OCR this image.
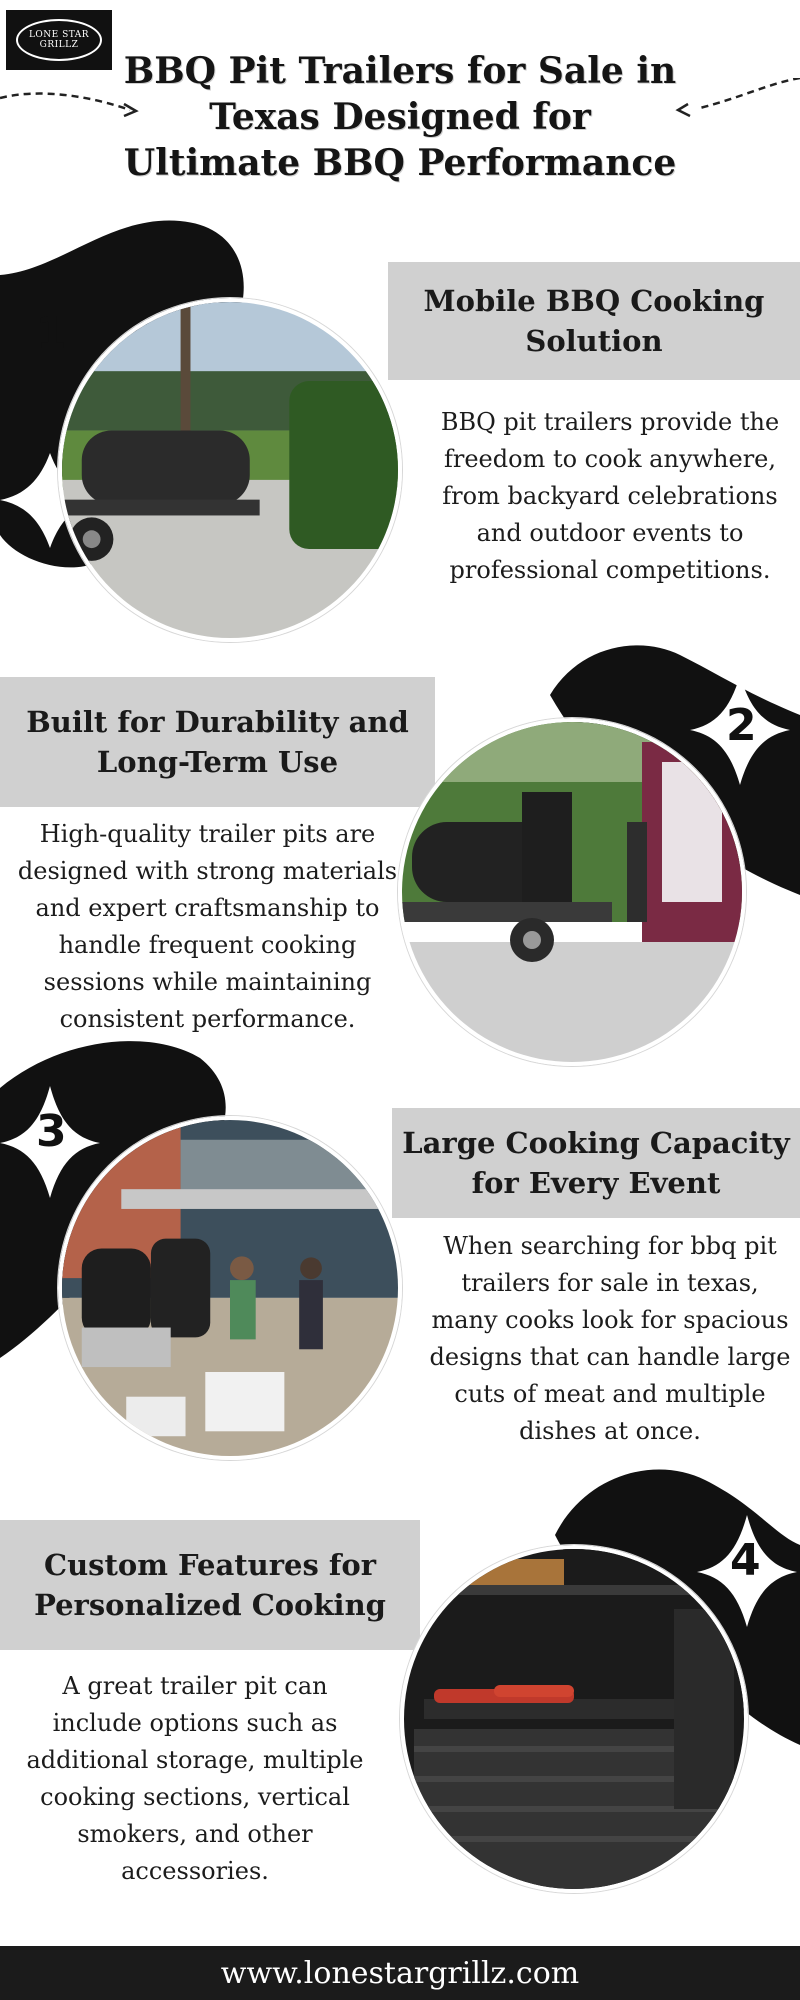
LONE STAR
GRILLZ
BBQ Pit Trailers for Sale in Texas Designed for Ultimate BBQ Performance
1
Mobile BBQ Cooking Solution
BBQ pit trailers provide the freedom to cook anywhere, from backyard celebrations and outdoor events to professional competitions.
2
Built for Durability and Long-Term Use
High-quality trailer pits are designed with strong materials and expert craftsmanship to handle frequent cooking sessions while maintaining consistent performance.
3	Large Cooking Capacity for Every Event
When searching for bbq pit trailers for sale in texas, many cooks look for spacious designs that can handle large cuts of meat and multiple dishes at once.
4
Custom Features for Personalized Cooking
A great trailer pit can include options such as additional storage, multiple cooking sections, vertical smokers, and other accessories.
www.lonestargrillz.com
